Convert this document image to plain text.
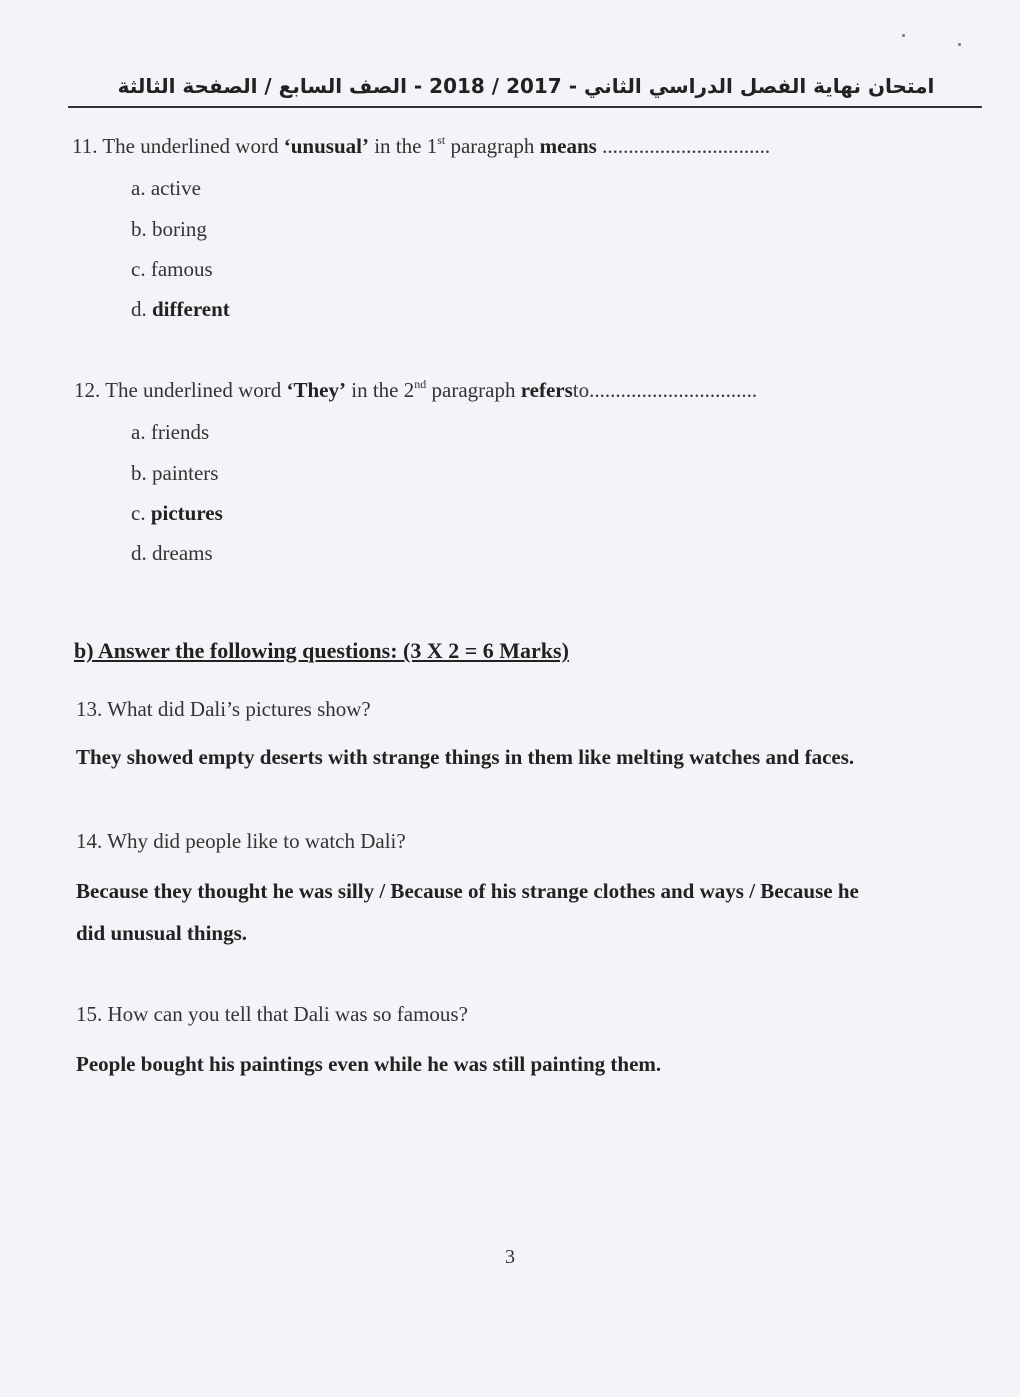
امتحان نهاية الفصل الدراسي الثاني - 2017 / 2018 - الصف السابع / الصفحة الثالثة
11. The underlined word ‘unusual’ in the 1st paragraph means ................................
a. active
b. boring
c. famous
d. different
12. The underlined word ‘They’ in the 2nd paragraph refersto................................
a. friends
b. painters
c. pictures
d. dreams
b) Answer the following questions: (3 X 2 = 6 Marks)
13. What did Dali’s pictures show?
They showed empty deserts with strange things in them like melting watches and faces.
14. Why did people like to watch Dali?
Because they thought he was silly / Because of his strange clothes and ways / Because he
did unusual things.
15. How can you tell that Dali was so famous?
People bought his paintings even while he was still painting them.
3
